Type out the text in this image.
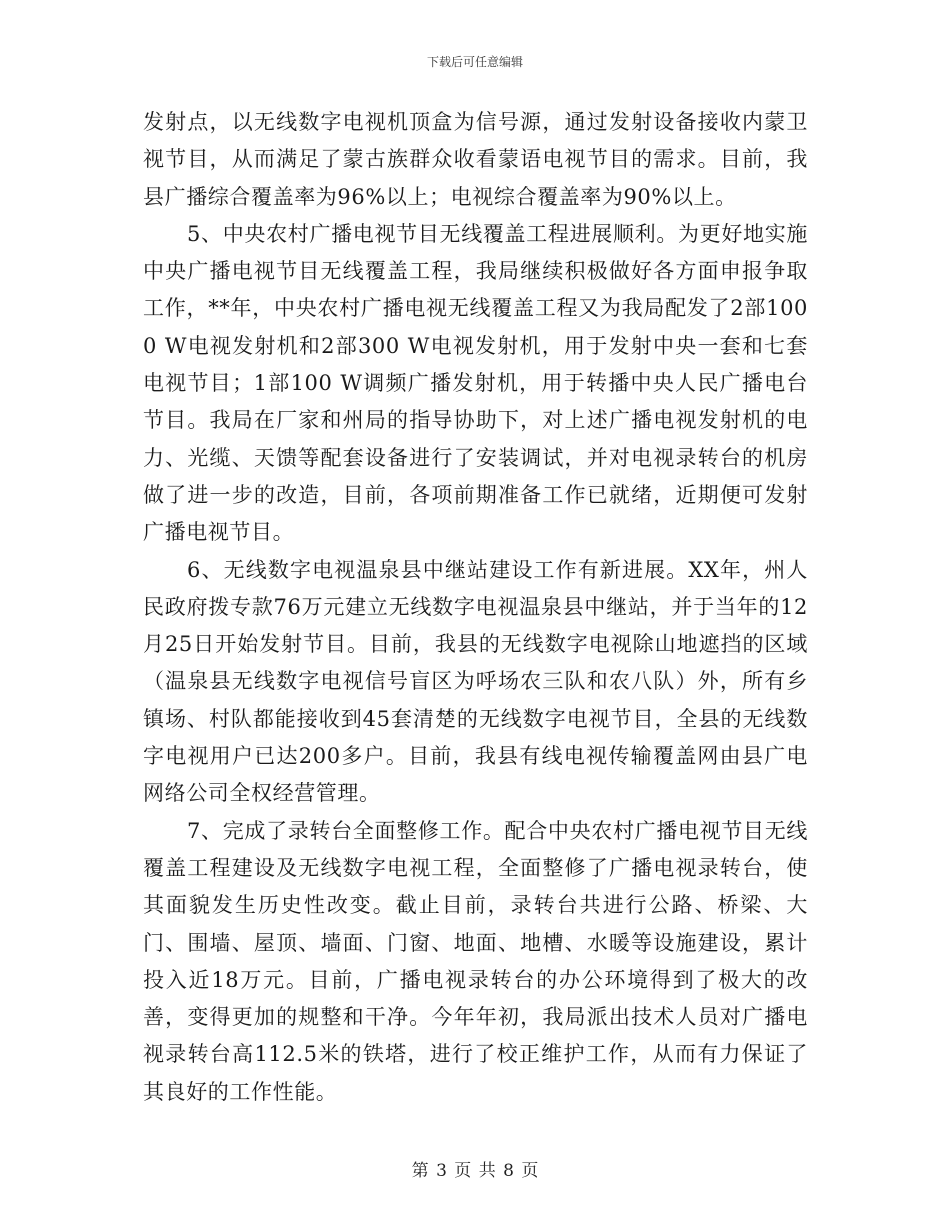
下载后可任意编辑

发射点，以无线数字电视机顶盒为信号源，通过发射设备接收内蒙卫视节目，从而满足了蒙古族群众收看蒙语电视节目的需求。目前，我县广播综合覆盖率为96%以上；电视综合覆盖率为90%以上。

5、中央农村广播电视节目无线覆盖工程进展顺利。为更好地实施中央广播电视节目无线覆盖工程，我局继续积极做好各方面申报争取工作，**年，中央农村广播电视无线覆盖工程又为我局配发了2部1000 W电视发射机和2部300 W电视发射机，用于发射中央一套和七套电视节目；1部100 W调频广播发射机，用于转播中央人民广播电台节目。我局在厂家和州局的指导协助下，对上述广播电视发射机的电力、光缆、天馈等配套设备进行了安装调试，并对电视录转台的机房做了进一步的改造，目前，各项前期准备工作已就绪，近期便可发射广播电视节目。

6、无线数字电视温泉县中继站建设工作有新进展。XX年，州人民政府拨专款76万元建立无线数字电视温泉县中继站，并于当年的12月25日开始发射节目。目前，我县的无线数字电视除山地遮挡的区域（温泉县无线数字电视信号盲区为呼场农三队和农八队）外，所有乡镇场、村队都能接收到45套清楚的无线数字电视节目，全县的无线数字电视用户已达200多户。目前，我县有线电视传输覆盖网由县广电网络公司全权经营管理。

7、完成了录转台全面整修工作。配合中央农村广播电视节目无线覆盖工程建设及无线数字电视工程，全面整修了广播电视录转台，使其面貌发生历史性改变。截止目前，录转台共进行公路、桥梁、大门、围墙、屋顶、墙面、门窗、地面、地槽、水暖等设施建设，累计投入近18万元。目前，广播电视录转台的办公环境得到了极大的改善，变得更加的规整和干净。今年年初，我局派出技术人员对广播电视录转台高112.5米的铁塔，进行了校正维护工作，从而有力保证了其良好的工作性能。

第 3 页 共 8 页
